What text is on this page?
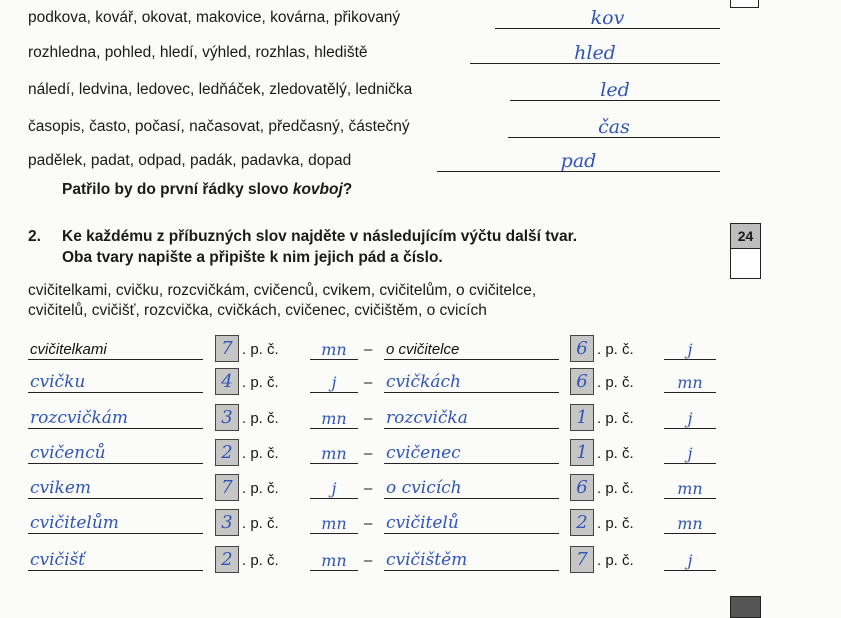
podkova, kovář, okovat, makovice, kovárna, přikovaný	kov
rozhledna, pohled, hledí, výhled, rozhlas, hlediště	hled
náledí, ledvina, ledovec, ledňáček, zledovatělý, lednička	led
časopis, často, počasí, načasovat, předčasný, částečný	čas
padělek, padat, odpad, padák, padavka, dopad	pad
Patřilo by do první řádky slovo kovboj?
2. Ke každému z příbuzných slov najděte v následujícím výčtu další tvar.
Oba tvary napište a připište k nim jejich pád a číslo.
24
cvičitelkami, cvičku, rozcvičkám, cvičenců, cvikem, cvičitelům, o cvičitelce,
cvičitelů, cvičišť, rozcvička, cvičkách, cvičenec, cvičištěm, o cvicích
cvičitelkami	7 . p. č.	mn	– o cvičitelce	6 . p. č.	j
cvičku	4 . p. č.	j	– cvičkách	6 . p. č.	mn
rozcvičkám	3 . p. č.	mn	– rozcvička	1 . p. č.	j
cvičenců	2 . p. č.	mn	– cvičenec	1 . p. č.	j
cvikem	7 . p. č.	j	– o cvicích	6 . p. č.	mn
cvičitelům	3 . p. č.	mn	– cvičitelů	2 . p. č.	mn
cvičišť	2 . p. č.	mn	– cvičištěm	7 . p. č.	j
